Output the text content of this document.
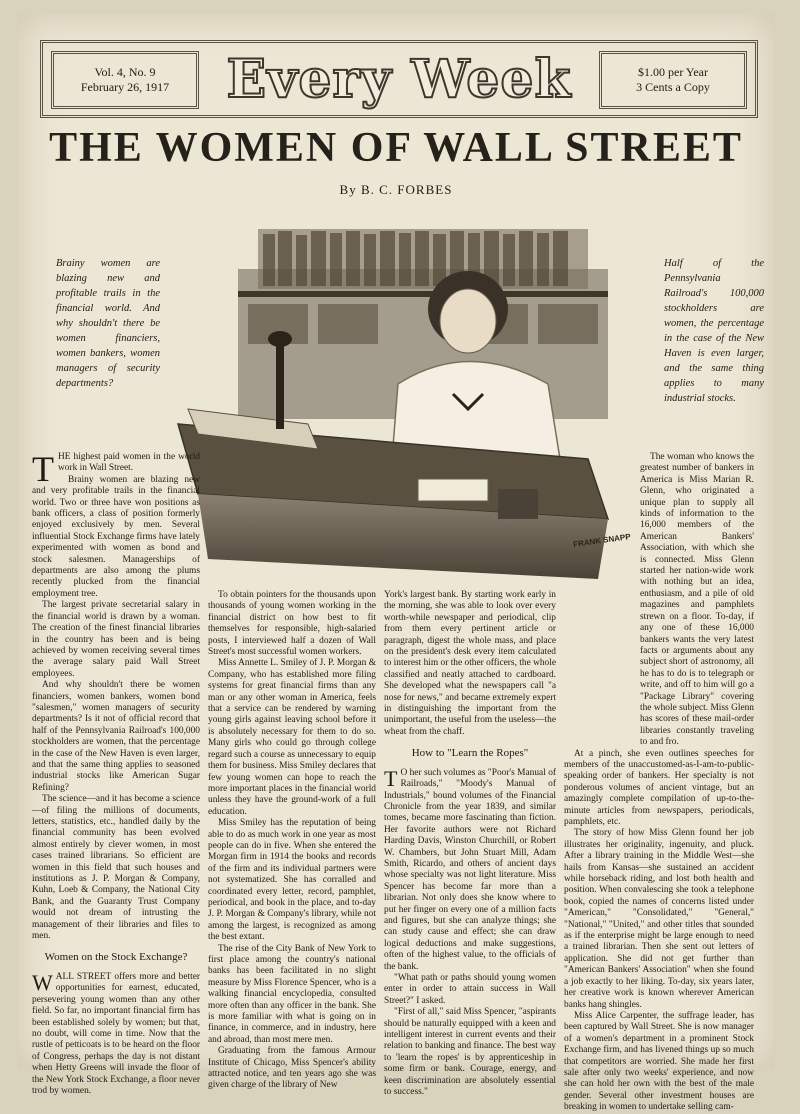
Vol. 4, No. 9
February 26, 1917	Every Week	$1.00 per Year
3 Cents a Copy
THE WOMEN OF WALL STREET
By B. C. FORBES
Brainy women are blazing new and profitable trails in the financial world. And why shouldn't there be women financiers, women bankers, women managers of security departments?
Half of the Pennsylvania Railroad's 100,000 stockholders are women, the percentage in the case of the New Haven is even larger, and the same thing applies to many industrial stocks.
FRANK SNAPP

THE highest paid women in the world work in Wall Street.

Brainy women are blazing new and very profitable trails in the financial world. Two or three have won positions as bank officers, a class of position formerly enjoyed exclusively by men. Several influential Stock Exchange firms have lately experimented with women as bond and stock salesmen. Managerships of departments are also among the plums recently plucked from the financial employment tree.

The largest private secretarial salary in the financial world is drawn by a woman. The creation of the finest financial libraries in the country has been and is being achieved by women receiving several times the average salary paid Wall Street employees.

And why shouldn't there be women financiers, women bankers, women bond "salesmen," women managers of security departments? Is it not of official record that half of the Pennsylvania Railroad's 100,000 stockholders are women, that the percentage in the case of the New Haven is even larger, and that the same thing applies to seasoned industrial stocks like American Sugar Refining?

The science—and it has become a science—of filing the millions of documents, letters, statistics, etc., handled daily by the financial community has been evolved almost entirely by clever women, in most cases trained librarians. So efficient are women in this field that such houses and institutions as J. P. Morgan & Company, Kuhn, Loeb & Company, the National City Bank, and the Guaranty Trust Company would not dream of intrusting the management of their libraries and files to men.

Women on the Stock Exchange?

WALL STREET offers more and better opportunities for earnest, educated, persevering young women than any other field. So far, no important financial firm has been established solely by women; but that, no doubt, will come in time. Now that the rustle of petticoats is to be heard on the floor of Congress, perhaps the day is not distant when Hetty Greens will invade the floor of the New York Stock Exchange, a floor never trod by women.

To obtain pointers for the thousands upon thousands of young women working in the financial district on how best to fit themselves for responsible, high-salaried posts, I interviewed half a dozen of Wall Street's most successful women workers.

Miss Annette L. Smiley of J. P. Morgan & Company, who has established more filing systems for great financial firms than any man or any other woman in America, feels that a service can be rendered by warning young girls against leaving school before it is absolutely necessary for them to do so. Many girls who could go through college regard such a course as unnecessary to equip them for business. Miss Smiley declares that few young women can hope to reach the more important places in the financial world unless they have the ground-work of a full education.

Miss Smiley has the reputation of being able to do as much work in one year as most people can do in five. When she entered the Morgan firm in 1914 the books and records of the firm and its individual partners were not systematized. She has corralled and coordinated every letter, record, pamphlet, periodical, and book in the place, and to-day J. P. Morgan & Company's library, while not among the largest, is recognized as among the best extant.

The rise of the City Bank of New York to first place among the country's national banks has been facilitated in no slight measure by Miss Florence Spencer, who is a walking financial encyclopedia, consulted more often than any officer in the bank. She is more familiar with what is going on in finance, in commerce, and in industry, here and abroad, than most mere men.

Graduating from the famous Armour Institute of Chicago, Miss Spencer's ability attracted notice, and ten years ago she was given charge of the library of New

York's largest bank. By starting work early in the morning, she was able to look over every worth-while newspaper and periodical, clip from them every pertinent article or paragraph, digest the whole mass, and place on the president's desk every item calculated to interest him or the other officers, the whole classified and neatly attached to cardboard. She developed what the newspapers call "a nose for news," and became extremely expert in distinguishing the important from the unimportant, the useful from the useless—the wheat from the chaff.

How to "Learn the Ropes"

T O her such volumes as "Poor's Manual of Railroads," "Moody's Manual of Industrials," bound volumes of the Financial Chronicle from the year 1839, and similar tomes, became more fascinating than fiction. Her favorite authors were not Richard Harding Davis, Winston Churchill, or Robert W. Chambers, but John Stuart Mill, Adam Smith, Ricardo, and others of ancient days whose specialty was not light literature. Miss Spencer has become far more than a librarian. Not only does she know where to put her finger on every one of a million facts and figures, but she can analyze things; she can study cause and effect; she can draw logical deductions and make suggestions, often of the highest value, to the officials of the bank.

"What path or paths should young women enter in order to attain success in Wall Street?" I asked.

"First of all," said Miss Spencer, "aspirants should be naturally equipped with a keen and intelligent interest in current events and their relation to banking and finance. The best way to 'learn the ropes' is by apprenticeship in some firm or bank. Courage, energy, and keen discrimination are absolutely essential to success."

The woman who knows the greatest number of bankers in America is Miss Marian R. Glenn, who originated a unique plan to supply all kinds of information to the 16,000 members of the American Bankers' Association, with which she is connected. Miss Glenn started her nation-wide work with nothing but an idea, enthusiasm, and a pile of old magazines and pamphlets strewn on a floor. To-day, if any one of these 16,000 bankers wants the very latest facts or arguments about any subject short of astronomy, all he has to do is to telegraph or write, and off to him will go a "Package Library" covering the whole subject. Miss Glenn has scores of these mail-order libraries constantly traveling to and fro.

At a pinch, she even outlines speeches for members of the unaccustomed-as-I-am-to-public-speaking order of bankers. Her specialty is not ponderous volumes of ancient vintage, but an amazingly complete compilation of up-to-the-minute articles from newspapers, periodicals, pamphlets, etc.

The story of how Miss Glenn found her job illustrates her originality, ingenuity, and pluck. After a library training in the Middle West—she hails from Kansas—she sustained an accident while horseback riding, and lost both health and position. When convalescing she took a telephone book, copied the names of concerns listed under "American," "Consolidated," "General," "National," "United," and other titles that sounded as if the enterprise might be large enough to need a trained librarian. Then she sent out letters of application. She did not get further than "American Bankers' Association" when she found a job exactly to her liking. To-day, six years later, her creative work is known wherever American banks hang shingles.

Miss Alice Carpenter, the suffrage leader, has been captured by Wall Street. She is now manager of a women's department in a prominent Stock Exchange firm, and has livened things up so much that competitors are worried. She made her first sale after only two weeks' experience, and now she can hold her own with the best of the male gender. Several other investment houses are breaking in women to undertake selling cam-
